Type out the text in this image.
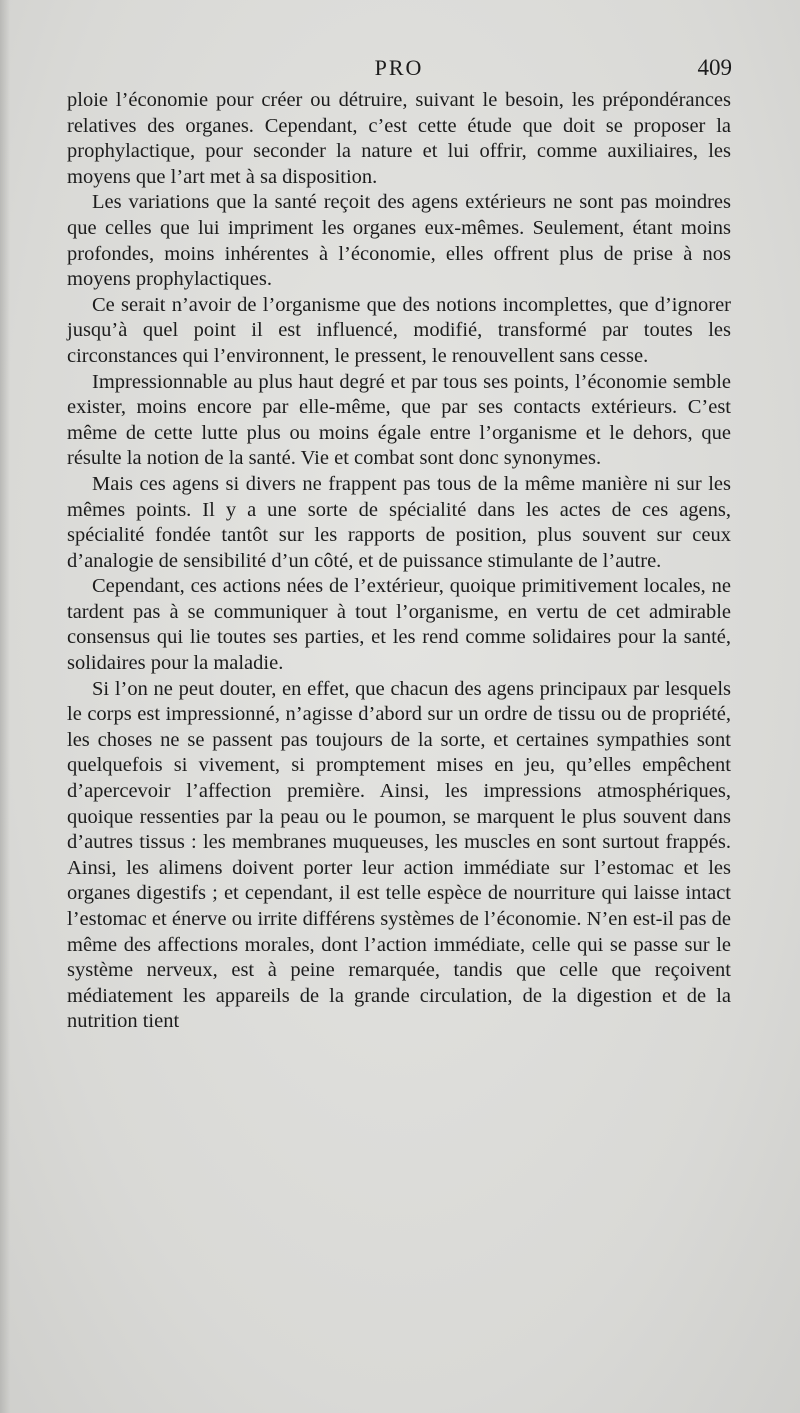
PRO	409

ploie l’économie pour créer ou détruire, suivant le besoin, les prépondérances relatives des organes. Cependant, c’est cette étude que doit se proposer la prophylactique, pour seconder la nature et lui offrir, comme auxiliaires, les moyens que l’art met à sa disposition.

Les variations que la santé reçoit des agens extérieurs ne sont pas moindres que celles que lui impriment les organes eux-mêmes. Seulement, étant moins profondes, moins inhérentes à l’économie, elles offrent plus de prise à nos moyens prophylactiques.

Ce serait n’avoir de l’organisme que des notions incomplettes, que d’ignorer jusqu’à quel point il est influencé, modifié, transformé par toutes les circonstances qui l’environnent, le pressent, le renouvellent sans cesse.

Impressionnable au plus haut degré et par tous ses points, l’économie semble exister, moins encore par elle-même, que par ses contacts extérieurs. C’est même de cette lutte plus ou moins égale entre l’organisme et le dehors, que résulte la notion de la santé. Vie et combat sont donc synonymes.

Mais ces agens si divers ne frappent pas tous de la même manière ni sur les mêmes points. Il y a une sorte de spécialité dans les actes de ces agens, spécialité fondée tantôt sur les rapports de position, plus souvent sur ceux d’analogie de sensibilité d’un côté, et de puissance stimulante de l’autre.

Cependant, ces actions nées de l’extérieur, quoique primitivement locales, ne tardent pas à se communiquer à tout l’organisme, en vertu de cet admirable consensus qui lie toutes ses parties, et les rend comme solidaires pour la santé, solidaires pour la maladie.

Si l’on ne peut douter, en effet, que chacun des agens principaux par lesquels le corps est impressionné, n’agisse d’abord sur un ordre de tissu ou de propriété, les choses ne se passent pas toujours de la sorte, et certaines sympathies sont quelquefois si vivement, si promptement mises en jeu, qu’elles empêchent d’apercevoir l’affection première. Ainsi, les impressions atmosphériques, quoique ressenties par la peau ou le poumon, se marquent le plus souvent dans d’autres tissus : les membranes muqueuses, les muscles en sont surtout frappés. Ainsi, les alimens doivent porter leur action immédiate sur l’estomac et les organes digestifs ; et cependant, il est telle espèce de nourriture qui laisse intact l’estomac et énerve ou irrite différens systèmes de l’économie. N’en est-il pas de même des affections morales, dont l’action immédiate, celle qui se passe sur le système nerveux, est à peine remarquée, tandis que celle que reçoivent médiatement les appareils de la grande circulation, de la digestion et de la nutrition tient
